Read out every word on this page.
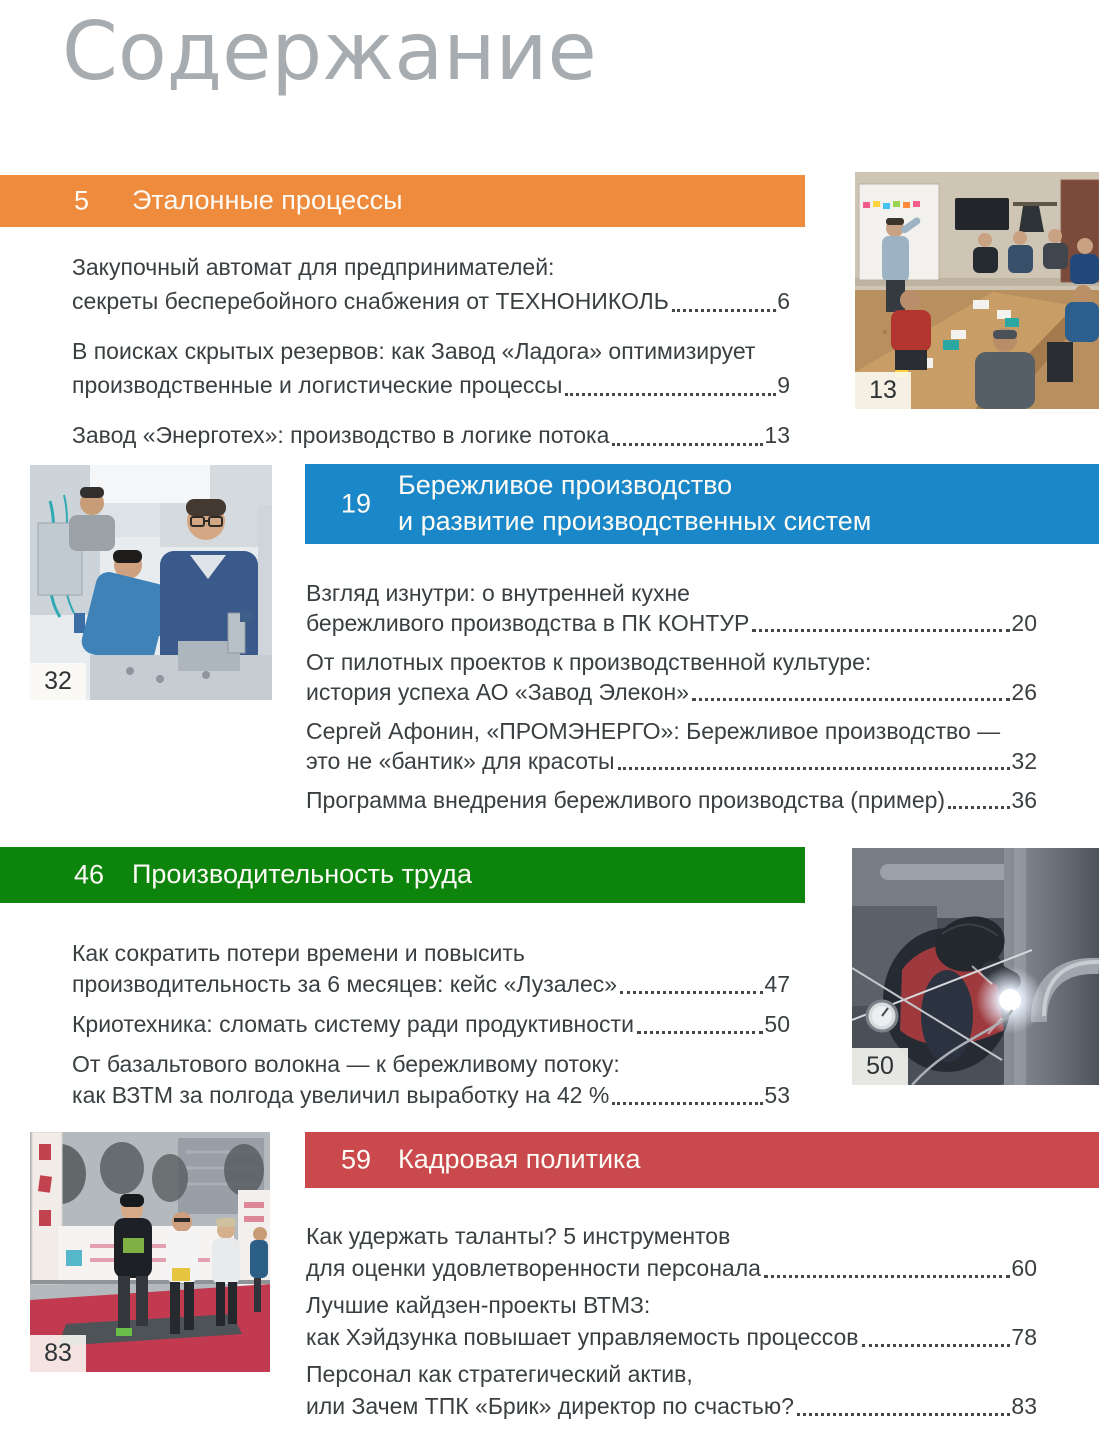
Содержание
5 Эталонные процессы
Закупочный автомат для предпринимателей:
секреты бесперебойного снабжения от ТЕХНОНИКОЛЬ	6
В поисках скрытых резервов: как Завод «Ладога» оптимизирует
производственные и логистические процессы	9
Завод «Энерготех»: производство в логике потока	13
13
19
Бережливое производство
и развитие производственных систем
32
Взгляд изнутри: о внутренней кухне
бережливого производства в ПК КОНТУР	20
От пилотных проектов к производственной культуре:
история успеха АО «Завод Элекон»	26
Сергей Афонин, «ПРОМЭНЕРГО»: Бережливое производство —
это не «бантик» для красоты	32
Программа внедрения бережливого производства (пример)	36
46 Производительность труда
Как сократить потери времени и повысить
производительность за 6 месяцев: кейс «Лузалес»	47
Криотехника: сломать систему ради продуктивности	50
От базальтового волокна — к бережливому потоку:
как ВЗТМ за полгода увеличил выработку на 42 %	53
50
59 Кадровая политика
83
Как удержать таланты? 5 инструментов
для оценки удовлетворенности персонала	60
Лучшие кайдзен-проекты ВТМЗ:
как Хэйдзунка повышает управляемость процессов	78
Персонал как стратегический актив,
или Зачем ТПК «Брик» директор по счастью?	83
